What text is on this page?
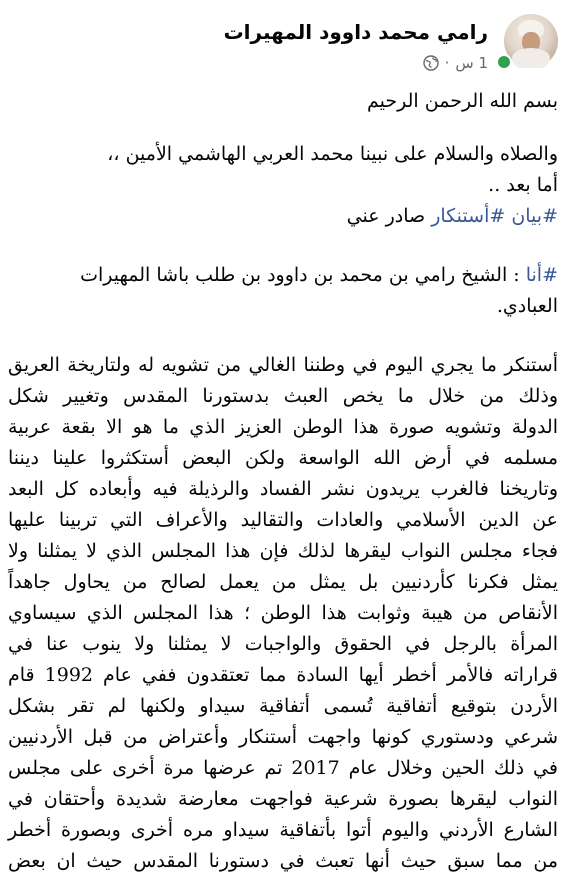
رامي محمد داوود المهيرات
1 س
·
بسم الله الرحمن الرحيم
والصلاه والسلام على نبينا محمد العربي الهاشمي الأمين ،،
أما بعد ..
#بيان #أستنكار صادر عني
#أنا : الشيخ رامي بن محمد بن داوود بن طلب باشا المهيرات
العبادي.
أستنكر ما يجري اليوم في وطننا الغالي من تشويه له ولتاريخة العريق
وذلك من خلال ما يخص العبث بدستورنا المقدس وتغيير شكل
الدولة وتشويه صورة هذا الوطن العزيز الذي ما هو الا بقعة عربية
مسلمه في أرض الله الواسعة ولكن البعض أستكثروا علينا ديننا
وتاريخنا فالغرب يريدون نشر الفساد والرذيلة فيه وأبعاده كل البعد
عن الدين الأسلامي والعادات والتقاليد والأعراف التي تربينا عليها
فجاء مجلس النواب ليقرها لذلك فإن هذا المجلس الذي لا يمثلنا ولا
يمثل فكرنا كأردنيين بل يمثل من يعمل لصالح من يحاول جاهداً
الأنقاص من هيبة وثوابت هذا الوطن ؛ هذا المجلس الذي سيساوي
المرأة بالرجل في الحقوق والواجبات لا يمثلنا ولا ينوب عنا في
قراراته فالأمر أخطر أيها السادة مما تعتقدون ففي عام 1992 قام
الأردن بتوقيع أتفاقية تُسمى أتفاقية سيداو ولكنها لم تقر بشكل
شرعي ودستوري كونها واجهت أستنكار وأعتراض من قبل الأردنيين
في ذلك الحين وخلال عام 2017 تم عرضها مرة أخرى على مجلس
النواب ليقرها بصورة شرعية فواجهت معارضة شديدة وأحتقان في
الشارع الأردني واليوم أتوا بأتفاقية سيداو مره أخرى وبصورة أخطر
من مما سبق حيث أنها تعبث في دستورنا المقدس حيث ان بعض
